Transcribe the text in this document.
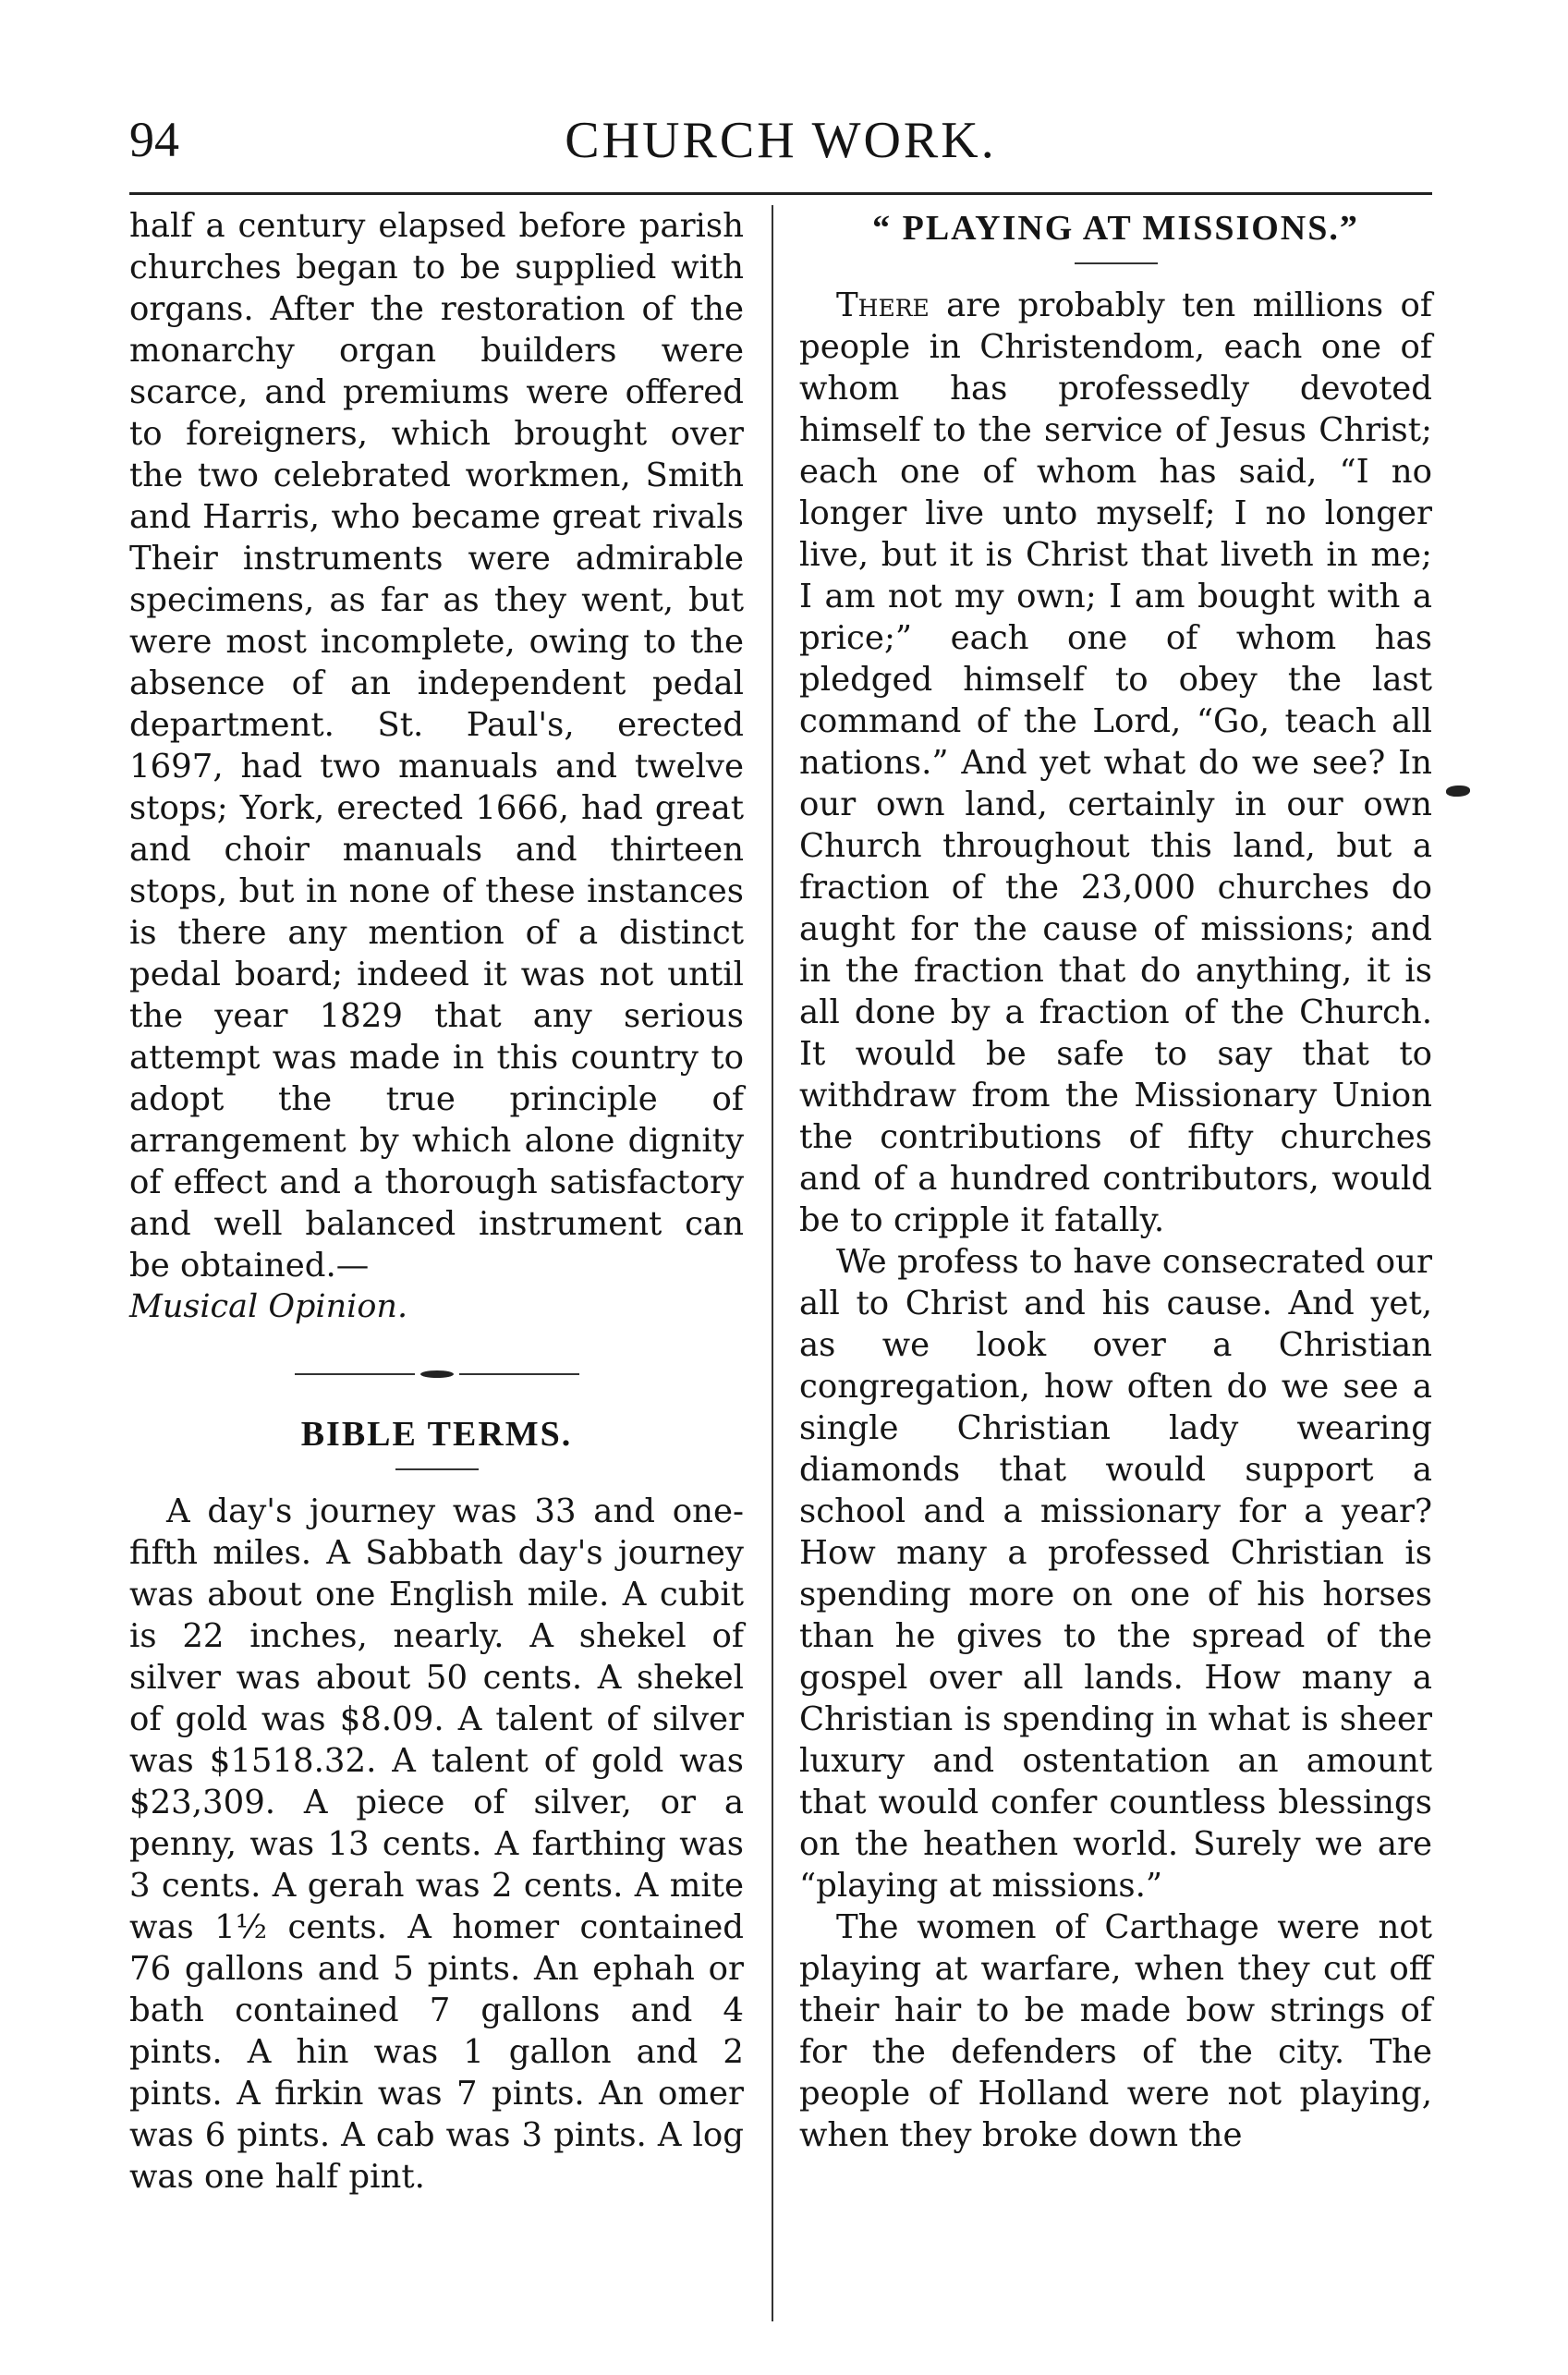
94	CHURCH WORK.

half a century elapsed before parish churches began to be supplied with organs. After the restoration of the monarchy organ builders were scarce, and premiums were offered to foreigners, which brought over the two celebrated workmen, Smith and Harris, who became great rivals Their instruments were admirable specimens, as far as they went, but were most incomplete, owing to the absence of an independent pedal department. St. Paul's, erected 1697, had two manuals and twelve stops; York, erected 1666, had great and choir manuals and thirteen stops, but in none of these instances is there any mention of a distinct pedal board; indeed it was not until the year 1829 that any serious attempt was made in this country to adopt the true principle of arrangement by which alone dignity of effect and a thorough satisfactory and well balanced instrument can be obtained.—

Musical Opinion.

BIBLE TERMS.

A day's journey was 33 and one-fifth miles. A Sabbath day's journey was about one English mile. A cubit is 22 inches, nearly. A shekel of silver was about 50 cents. A shekel of gold was $8.09. A talent of silver was $1518.32. A talent of gold was $23,309. A piece of silver, or a penny, was 13 cents. A farthing was 3 cents. A gerah was 2 cents. A mite was 1½ cents. A homer contained 76 gallons and 5 pints. An ephah or bath contained 7 gallons and 4 pints. A hin was 1 gallon and 2 pints. A firkin was 7 pints. An omer was 6 pints. A cab was 3 pints. A log was one half pint.

“ PLAYING AT MISSIONS.”

There are probably ten millions of people in Christendom, each one of whom has professedly devoted himself to the service of Jesus Christ; each one of whom has said, “I no longer live unto myself; I no longer live, but it is Christ that liveth in me; I am not my own; I am bought with a price;” each one of whom has pledged himself to obey the last command of the Lord, “Go, teach all nations.” And yet what do we see? In our own land, certainly in our own Church throughout this land, but a fraction of the 23,000 churches do aught for the cause of missions; and in the fraction that do anything, it is all done by a fraction of the Church. It would be safe to say that to withdraw from the Missionary Union the contributions of fifty churches and of a hundred contributors, would be to cripple it fatally.

We profess to have consecrated our all to Christ and his cause. And yet, as we look over a Christian congregation, how often do we see a single Christian lady wearing diamonds that would support a school and a missionary for a year? How many a professed Christian is spending more on one of his horses than he gives to the spread of the gospel over all lands. How many a Christian is spending in what is sheer luxury and ostentation an amount that would confer countless blessings on the heathen world. Surely we are “playing at missions.”

The women of Carthage were not playing at warfare, when they cut off their hair to be made bow strings of for the defenders of the city. The people of Holland were not playing, when they broke down the
